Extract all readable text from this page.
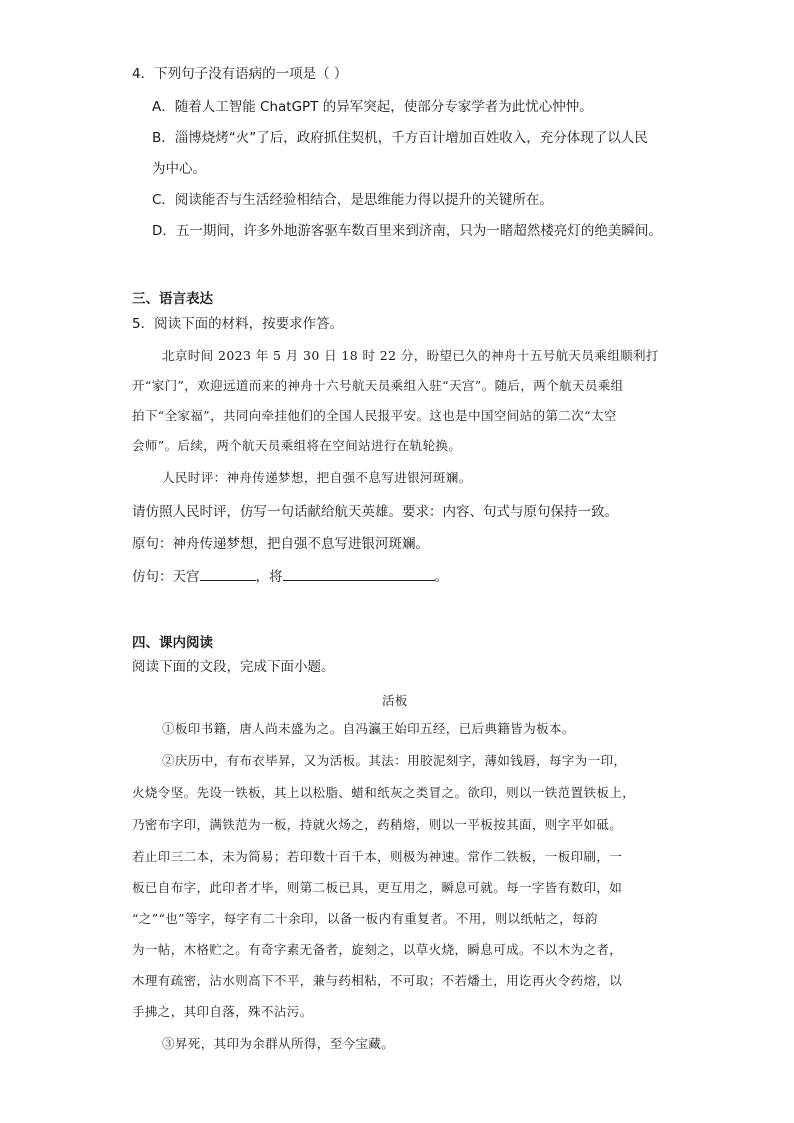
4．下列句子没有语病的一项是（ ）
A．随着人工智能 ChatGPT 的异军突起，使部分专家学者为此忧心忡忡。
B．淄博烧烤“火”了后，政府抓住契机，千方百计增加百姓收入，充分体现了以人民
为中心。
C．阅读能否与生活经验相结合，是思维能力得以提升的关键所在。
D．五一期间，许多外地游客驱车数百里来到济南，只为一睹超然楼亮灯的绝美瞬间。
三、语言表达
5．阅读下面的材料，按要求作答。
北京时间 2023 年 5 月 30 日 18 时 22 分，盼望已久的神舟十五号航天员乘组顺利打
开“家门”，欢迎远道而来的神舟十六号航天员乘组入驻“天宫”。随后，两个航天员乘组
拍下“全家福”，共同向牵挂他们的全国人民报平安。这也是中国空间站的第二次“太空
会师”。后续，两个航天员乘组将在空间站进行在轨轮换。
人民时评：神舟传递梦想，把自强不息写进银河斑斓。
请仿照人民时评，仿写一句话献给航天英雄。要求：内容、句式与原句保持一致。
原句：神舟传递梦想，把自强不息写进银河斑斓。
仿句：天宫	，将	。
四、课内阅读
阅读下面的文段，完成下面小题。
活板
①板印书籍，唐人尚未盛为之。自冯瀛王始印五经，已后典籍皆为板本。
②庆历中，有布衣毕昇，又为活板。其法：用胶泥刻字，薄如钱唇，每字为一印，
火烧令坚。先设一铁板，其上以松脂、蜡和纸灰之类冒之。欲印，则以一铁范置铁板上，
乃密布字印，满铁范为一板，持就火炀之，药稍熔，则以一平板按其面，则字平如砥。
若止印三二本，未为简易；若印数十百千本，则极为神速。常作二铁板，一板印刷，一
板已自布字，此印者才毕，则第二板已具，更互用之，瞬息可就。每一字皆有数印，如
“之”“也”等字，每字有二十余印，以备一板内有重复者。不用，则以纸帖之，每韵
为一帖，木格贮之。有奇字素无备者，旋刻之，以草火烧，瞬息可成。不以木为之者，
木理有疏密，沾水则高下不平，兼与药相粘，不可取；不若燔土，用讫再火令药熔，以
手拂之，其印自落，殊不沾污。
③昇死，其印为余群从所得，至今宝藏。
